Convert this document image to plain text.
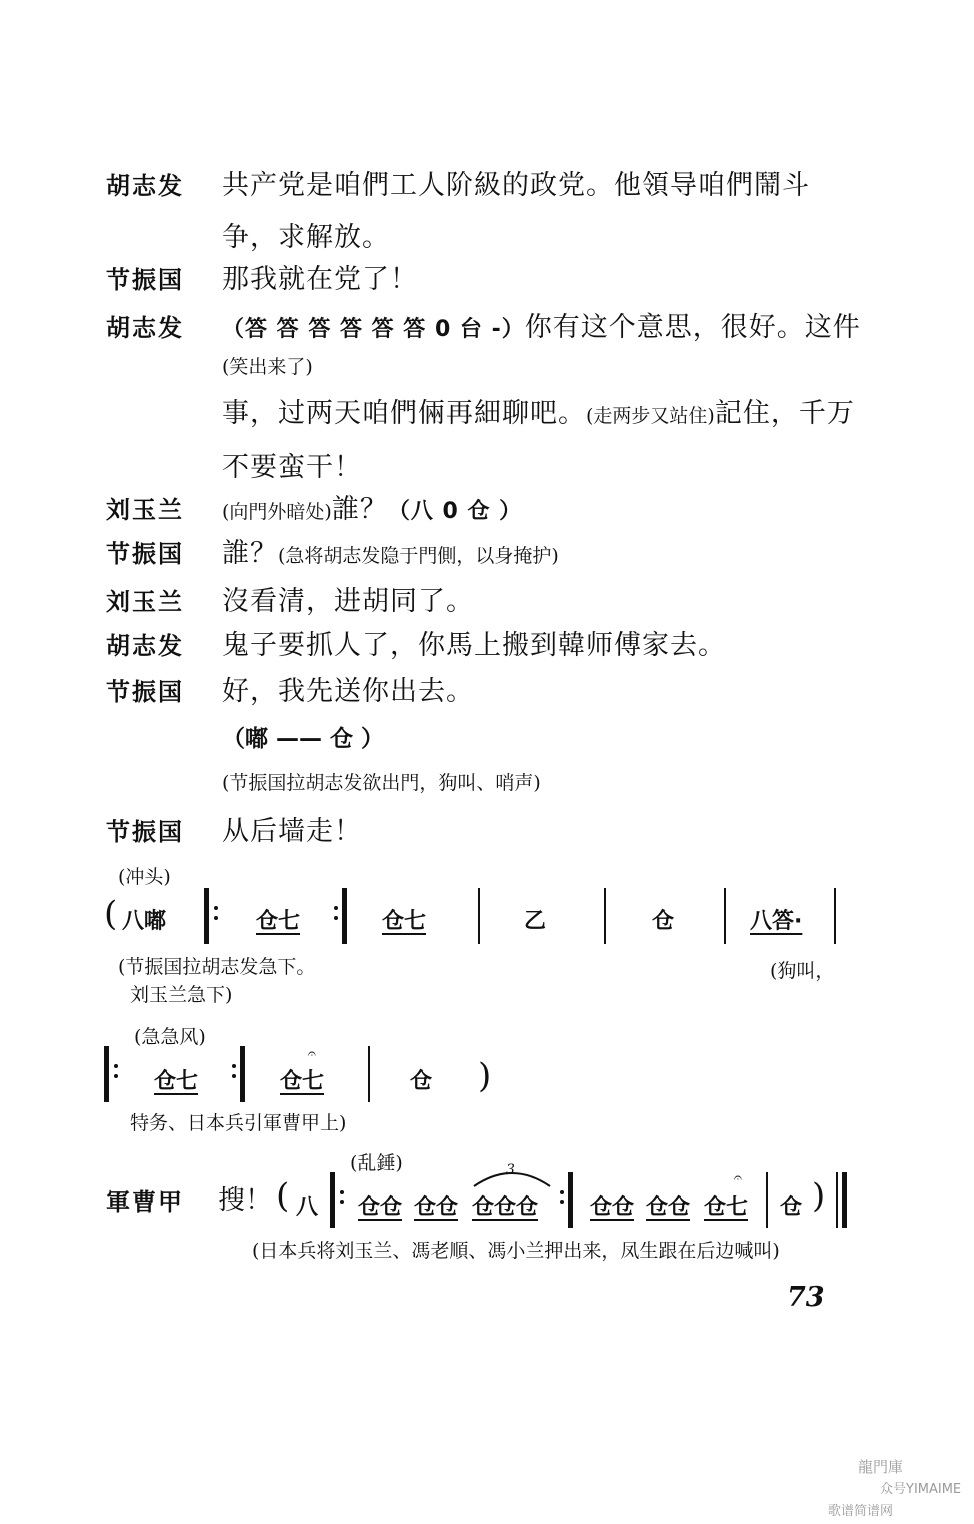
胡志发	共产党是咱們工人阶級的政党。他領导咱們鬧斗争，求解放。
节振国	那我就在党了！
胡志发	（答 答 答 答 答 答 0 台 -）你有这个意思，很好。这件
(笑出来了)
事，过两天咱們倆再細聊吧。(走两步又站住)記住，千万不要蛮干！
刘玉兰	(向門外暗处)誰？（八 0 仓 ）
节振国	誰？(急将胡志发隐于門側，以身掩护)
刘玉兰	沒看清，进胡同了。
胡志发	鬼子要抓人了，你馬上搬到韓师傅家去。
节振国	好，我先送你出去。
（嘟 —— 仓 ）
(节振国拉胡志发欲出門，狗叫、哨声)
节振国	从后墙走！
(冲头)
( 八嘟	仓七	仓七	乙	仓	八答·
(节振国拉胡志发急下。
刘玉兰急下)
(狗叫，
(急急风)
仓七
𝄐
仓七	仓 )
特务、日本兵引軍曹甲上)
(乱錘)
軍曹甲	搜！ ( 八 仓仓 仓仓
3
仓仓仓 仓仓 仓仓
𝄐
仓七 仓 )
(日本兵将刘玉兰、馮老順、馮小兰押出来，凤生跟在后边喊叫)
73
龍門庫
众号YIMAIME
歌谱简谱网
